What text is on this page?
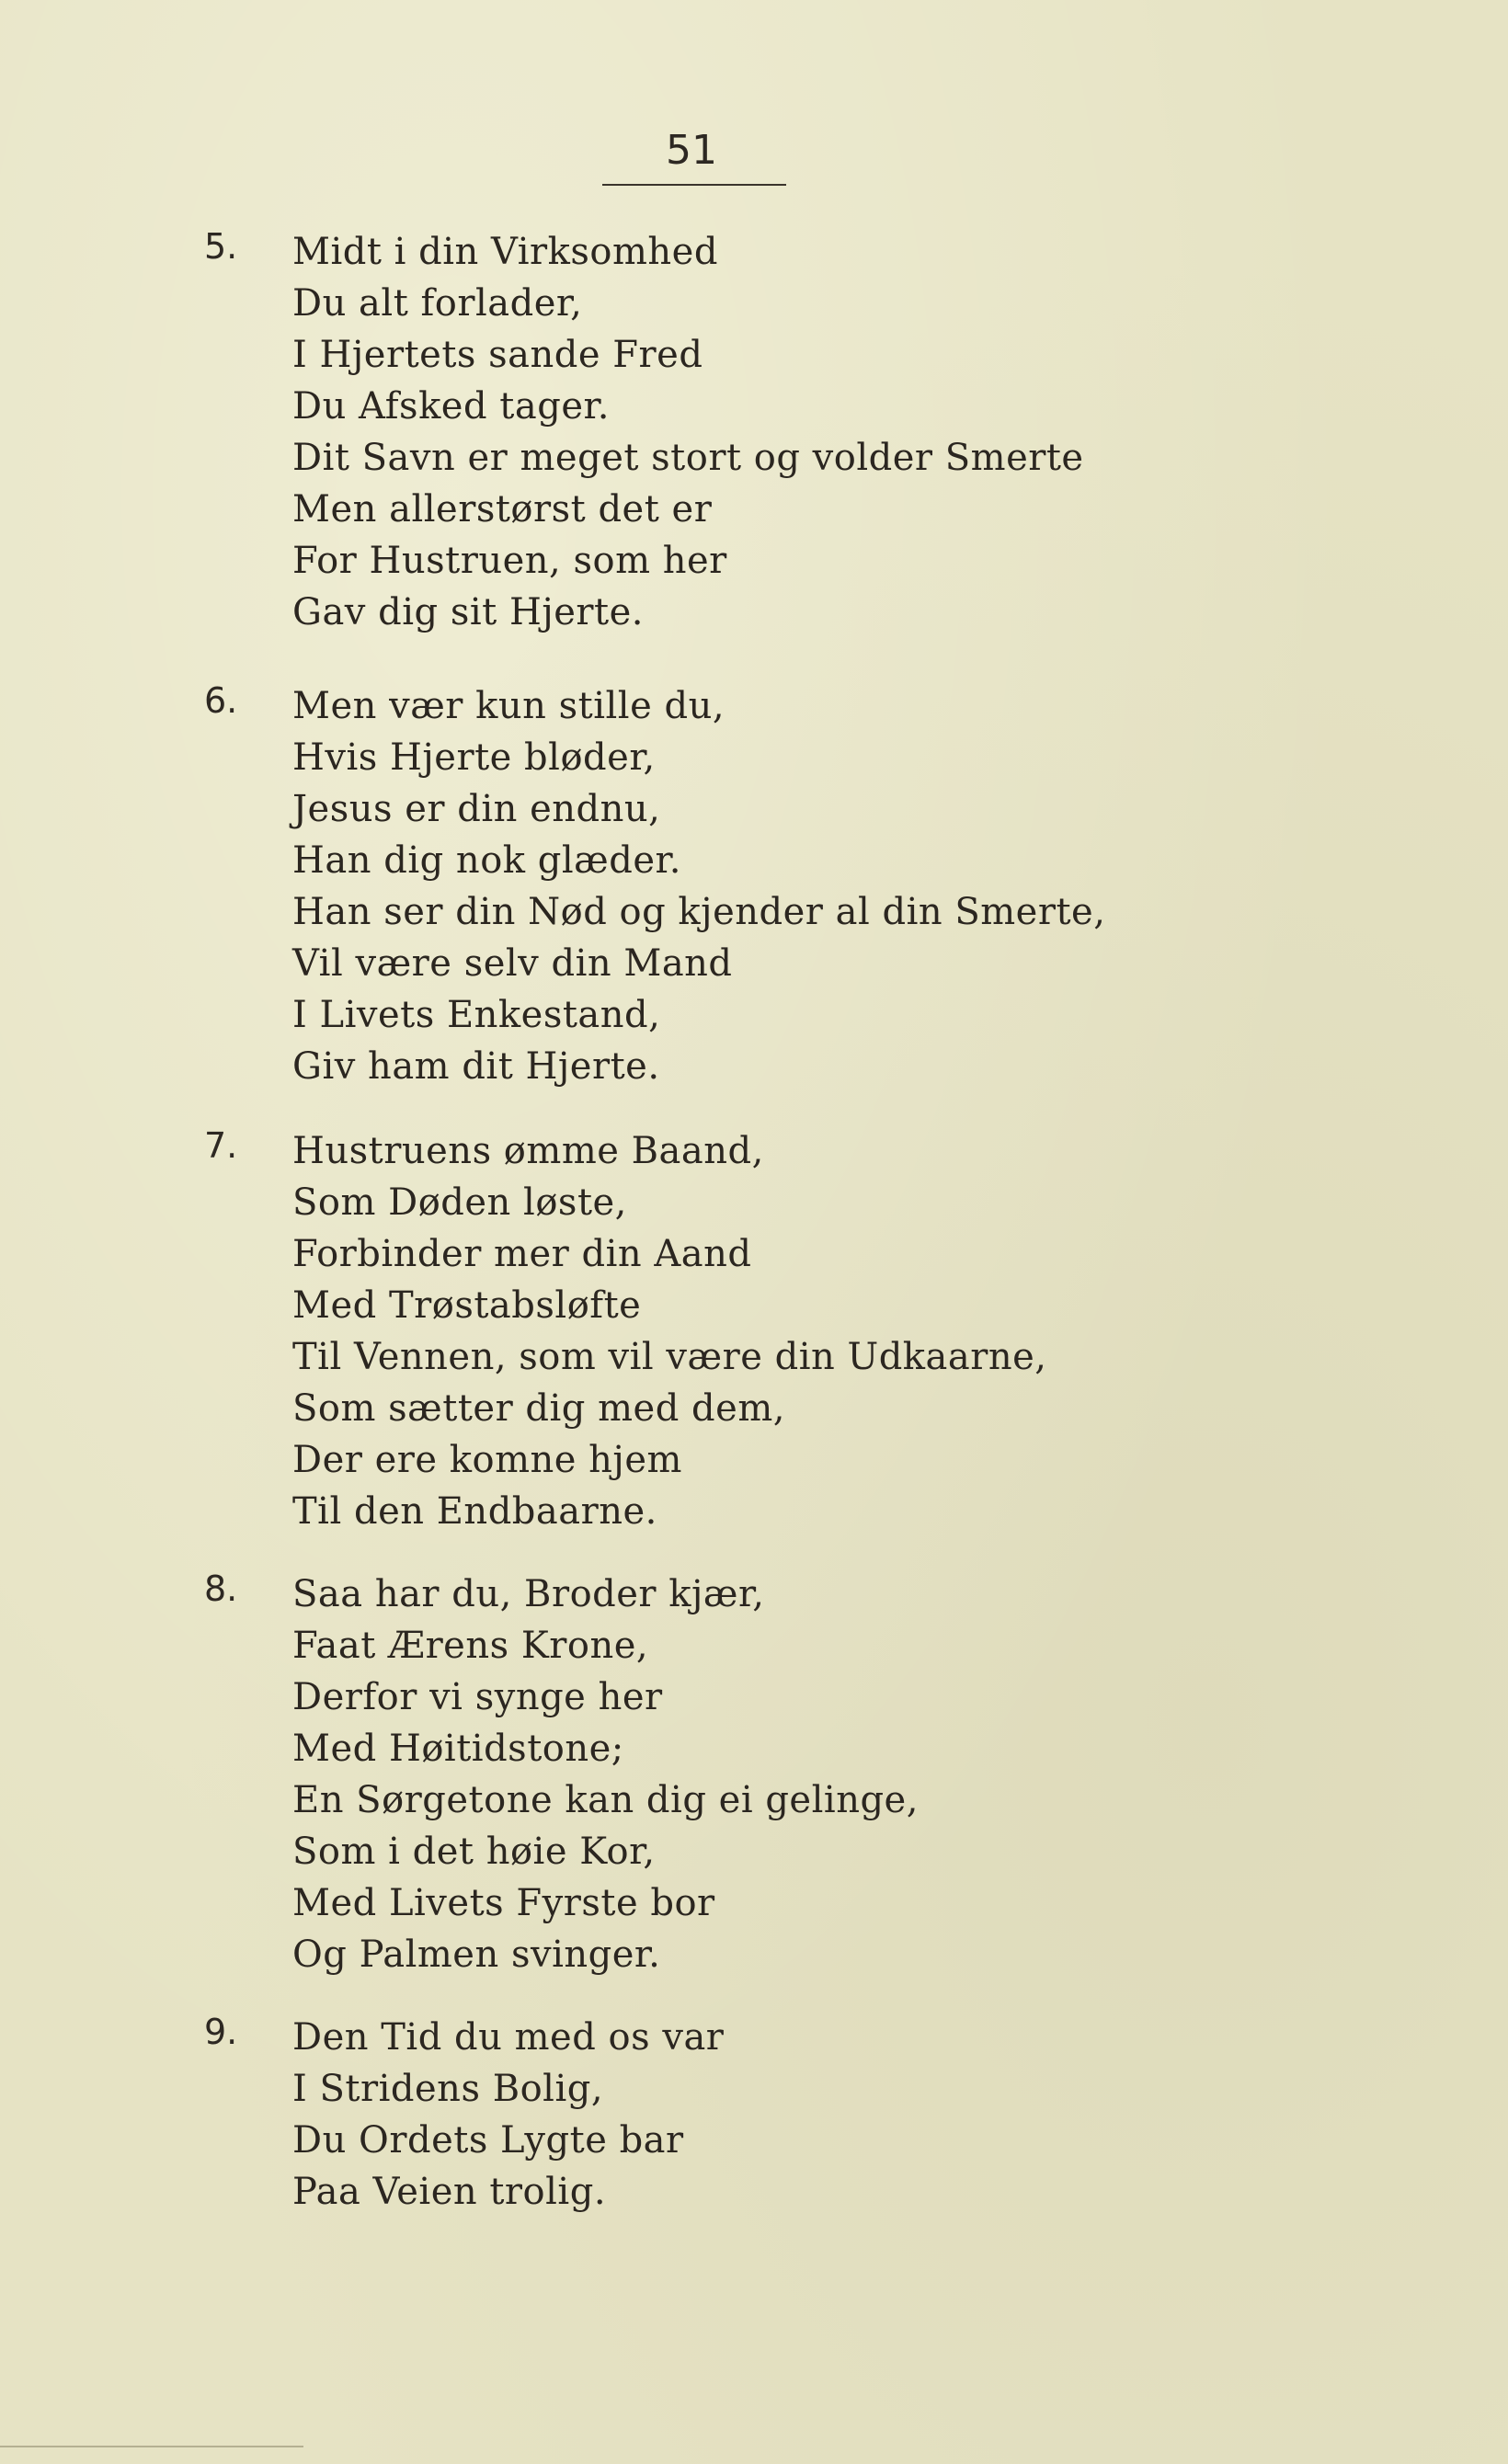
51
5.	Midt i din Virksomhed
Du alt forlader,
I Hjertets sande Fred
Du Afsked tager.
Dit Savn er meget stort og volder Smerte
Men allerstørst det er
For Hustruen, som her
Gav dig sit Hjerte.
6.	Men vær kun stille du,
Hvis Hjerte bløder,
Jesus er din endnu,
Han dig nok glæder.
Han ser din Nød og kjender al din Smerte,
Vil være selv din Mand
I Livets Enkestand,
Giv ham dit Hjerte.
7.	Hustruens ømme Baand,
Som Døden løste,
Forbinder mer din Aand
Med Trøstabsløfte
Til Vennen, som vil være din Udkaarne,
Som sætter dig med dem,
Der ere komne hjem
Til den Endbaarne.
8.	Saa har du, Broder kjær,
Faat Ærens Krone,
Derfor vi synge her
Med Høitidstone;
En Sørgetone kan dig ei gelinge,
Som i det høie Kor,
Med Livets Fyrste bor
Og Palmen svinger.
9.	Den Tid du med os var
I Stridens Bolig,
Du Ordets Lygte bar
Paa Veien trolig.
